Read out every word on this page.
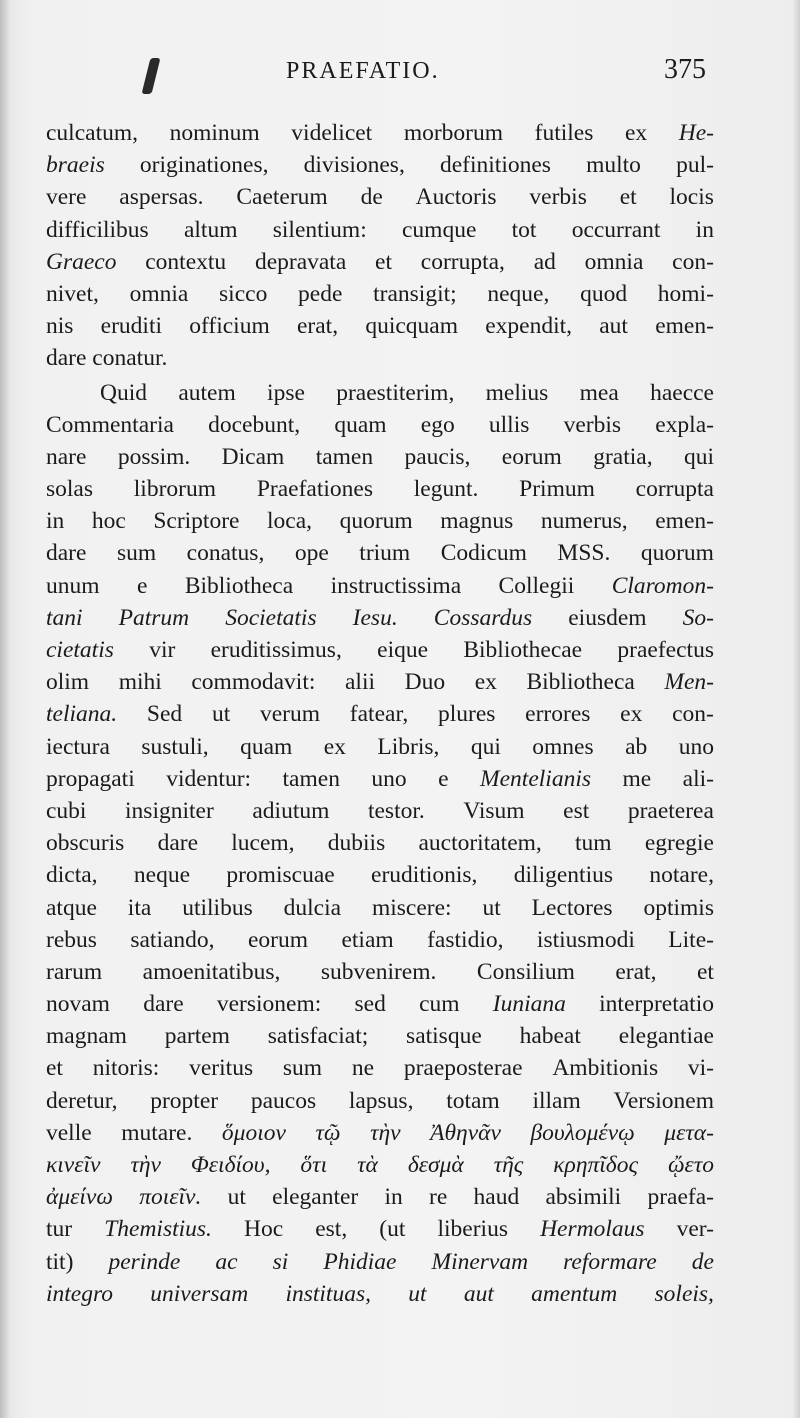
PRAEFATIO.	375
culcatum, nominum videlicet morborum futiles ex He-
braeis originationes, divisiones, definitiones multo pul-
vere aspersas. Caeterum de Auctoris verbis et locis
difficilibus altum silentium: cumque tot occurrant in
Graeco contextu depravata et corrupta, ad omnia con-
nivet, omnia sicco pede transigit; neque, quod homi-
nis eruditi officium erat, quicquam expendit, aut emen-
dare conatur.
Quid autem ipse praestiterim, melius mea haecce
Commentaria docebunt, quam ego ullis verbis expla-
nare possim. Dicam tamen paucis, eorum gratia, qui
solas librorum Praefationes legunt. Primum corrupta
in hoc Scriptore loca, quorum magnus numerus, emen-
dare sum conatus, ope trium Codicum MSS. quorum
unum e Bibliotheca instructissima Collegii Claromon-
tani Patrum Societatis Iesu. Cossardus eiusdem So-
cietatis vir eruditissimus, eique Bibliothecae praefectus
olim mihi commodavit: alii Duo ex Bibliotheca Men-
teliana. Sed ut verum fatear, plures errores ex con-
iectura sustuli, quam ex Libris, qui omnes ab uno
propagati videntur: tamen uno e Mentelianis me ali-
cubi insigniter adiutum testor. Visum est praeterea
obscuris dare lucem, dubiis auctoritatem, tum egregie
dicta, neque promiscuae eruditionis, diligentius notare,
atque ita utilibus dulcia miscere: ut Lectores optimis
rebus satiando, eorum etiam fastidio, istiusmodi Lite-
rarum amoenitatibus, subvenirem. Consilium erat, et
novam dare versionem: sed cum Iuniana interpretatio
magnam partem satisfaciat; satisque habeat elegantiae
et nitoris: veritus sum ne praeposterae Ambitionis vi-
deretur, propter paucos lapsus, totam illam Versionem
velle mutare. ὅμοιον τῷ τὴν Ἀθηνᾶν βουλομένῳ μετα-
κινεῖν τὴν Φειδίου, ὅτι τὰ δεσμὰ τῆς κρηπῖδος ᾤετο
ἀμείνω ποιεῖν. ut eleganter in re haud absimili praefa-
tur Themistius. Hoc est, (ut liberius Hermolaus ver-
tit) perinde ac si Phidiae Minervam reformare de
integro universam instituas, ut aut amentum soleis,
